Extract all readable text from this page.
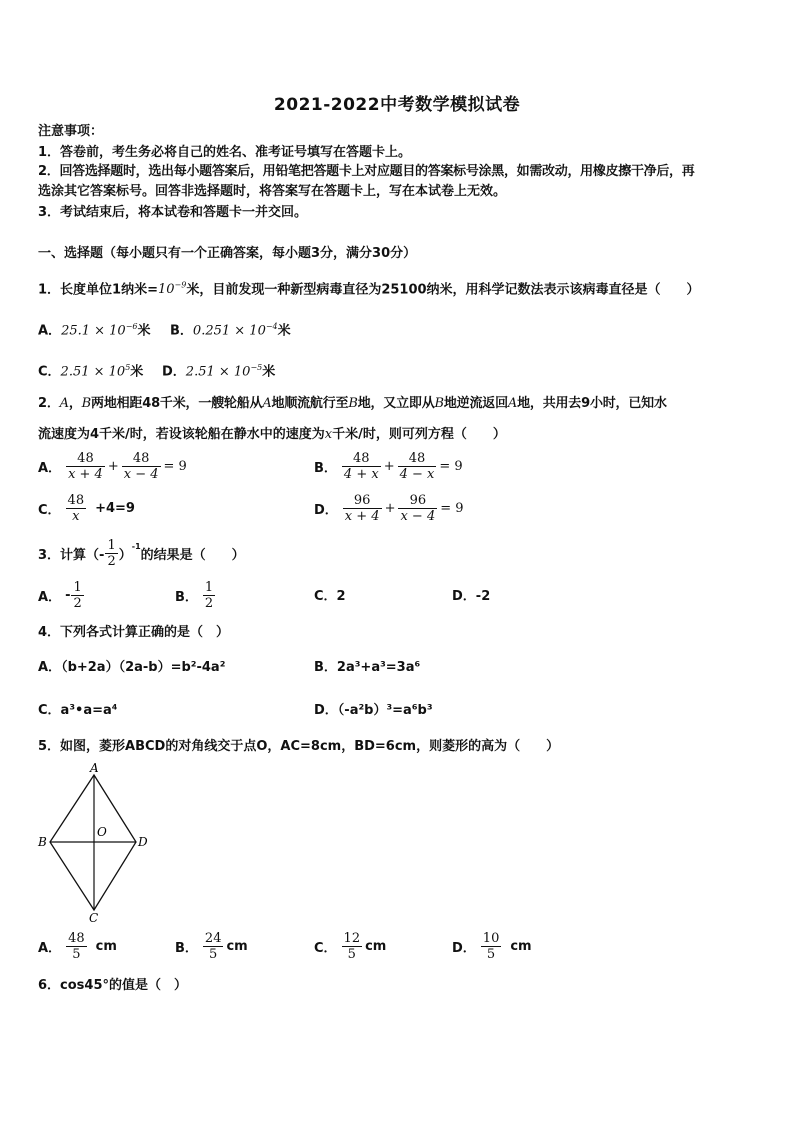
2021-2022中考数学模拟试卷
注意事项：
1．答卷前，考生务必将自己的姓名、准考证号填写在答题卡上。
2．回答选择题时，选出每小题答案后，用铅笔把答题卡上对应题目的答案标号涂黑，如需改动，用橡皮擦干净后，再
选涂其它答案标号。回答非选择题时，将答案写在答题卡上，写在本试卷上无效。
3．考试结束后，将本试卷和答题卡一并交回。
一、选择题（每小题只有一个正确答案，每小题3分，满分30分）
1．长度单位1纳米$=10^{-9}$米，目前发现一种新型病毒直径为25100纳米，用科学记数法表示该病毒直径是（　　）
A．$25.1 \times 10^{-6}$米 B．$0.251 \times 10^{-4}$米
C．$2.51 \times 10^5$米 D．$2.51 \times 10^{-5}$米
2．A，B两地相距48千米，一艘轮船从A地顺流航行至B地，又立即从B地逆流返回A地，共用去9小时，已知水
流速度为4千米/时，若设该轮船在静水中的速度为x千米/时，则可列方程（　　）
A． $\frac{48}{x + 4} + \frac{48}{x - 4} = 9$	B． $\frac{48}{4 + x} + \frac{48}{4 - x} = 9$
C． $\frac{48}{x} +4=9$	D． $\frac{96}{x + 4} + \frac{96}{x - 4} = 9$
3．计算（- $\frac{1}{2}$ ）
$^{-1}$
的结果是（　　）
A． - $\frac{1}{2}$	B． $\frac{1}{2}$	C．2	D．-2
4．下列各式计算正确的是（　）
A．（b+2a）（2a-b）=b²-4a²	B．2a³+a³=3a⁶
C．a³•a=a⁴	D．（-a²b）³=a⁶b³
5．如图，菱形ABCD的对角线交于点O，AC=8cm，BD=6cm，则菱形的高为（　　）
A
B	D
C
O
A． $\frac{48}{5}$ cm	B． $\frac{24}{5}$ cm	C． $\frac{12}{5}$ cm	D． $\frac{10}{5}$ cm
6．cos45°的值是（　）
